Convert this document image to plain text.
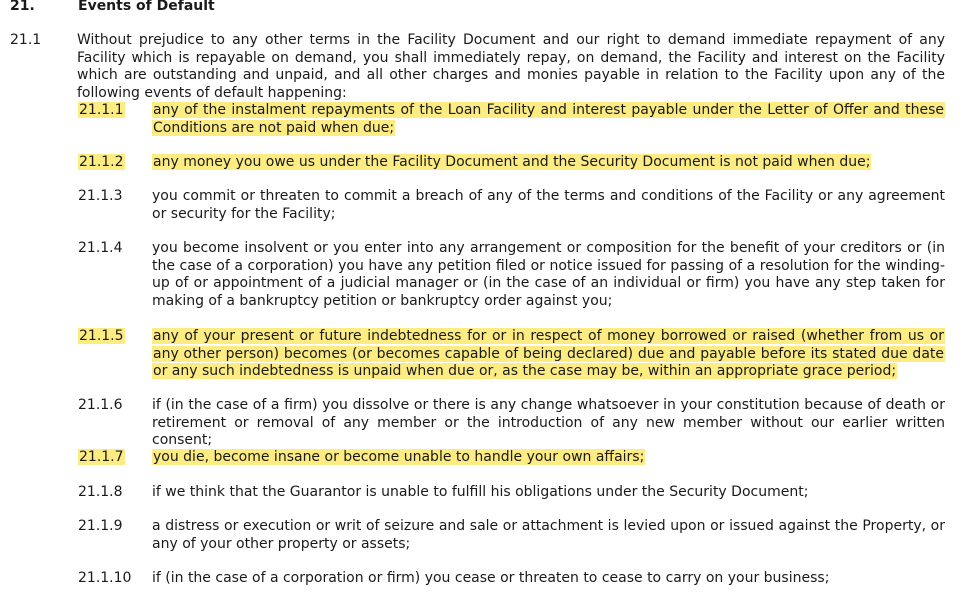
21.	Events of Default
21.1	Without prejudice to any other terms in the Facility Document and our right to demand immediate repayment of any Facility which is repayable on demand, you shall immediately repay, on demand, the Facility and interest on the Facility which are outstanding and unpaid, and all other charges and monies payable in relation to the Facility upon any of the following events of default happening:
21.1.1 any of the instalment repayments of the Loan Facility and interest payable under the Letter of Offer and these Conditions are not paid when due;
21.1.2 any money you owe us under the Facility Document and the Security Document is not paid when due;
21.1.3 you commit or threaten to commit a breach of any of the terms and conditions of the Facility or any agreement or security for the Facility;
21.1.4 you become insolvent or you enter into any arrangement or composition for the benefit of your creditors or (in the case of a corporation) you have any petition filed or notice issued for passing of a resolution for the winding-up of or appointment of a judicial manager or (in the case of an individual or firm) you have any step taken for making of a bankruptcy petition or bankruptcy order against you;
21.1.5 any of your present or future indebtedness for or in respect of money borrowed or raised (whether from us or any other person) becomes (or becomes capable of being declared) due and payable before its stated due date or any such indebtedness is unpaid when due or, as the case may be, within an appropriate grace period;
21.1.6 if (in the case of a firm) you dissolve or there is any change whatsoever in your constitution because of death or retirement or removal of any member or the introduction of any new member without our earlier written consent;
21.1.7 you die, become insane or become unable to handle your own affairs;
21.1.8 if we think that the Guarantor is unable to fulfill his obligations under the Security Document;
21.1.9 a distress or execution or writ of seizure and sale or attachment is levied upon or issued against the Property, or any of your other property or assets;
21.1.10 if (in the case of a corporation or firm) you cease or threaten to cease to carry on your business;
